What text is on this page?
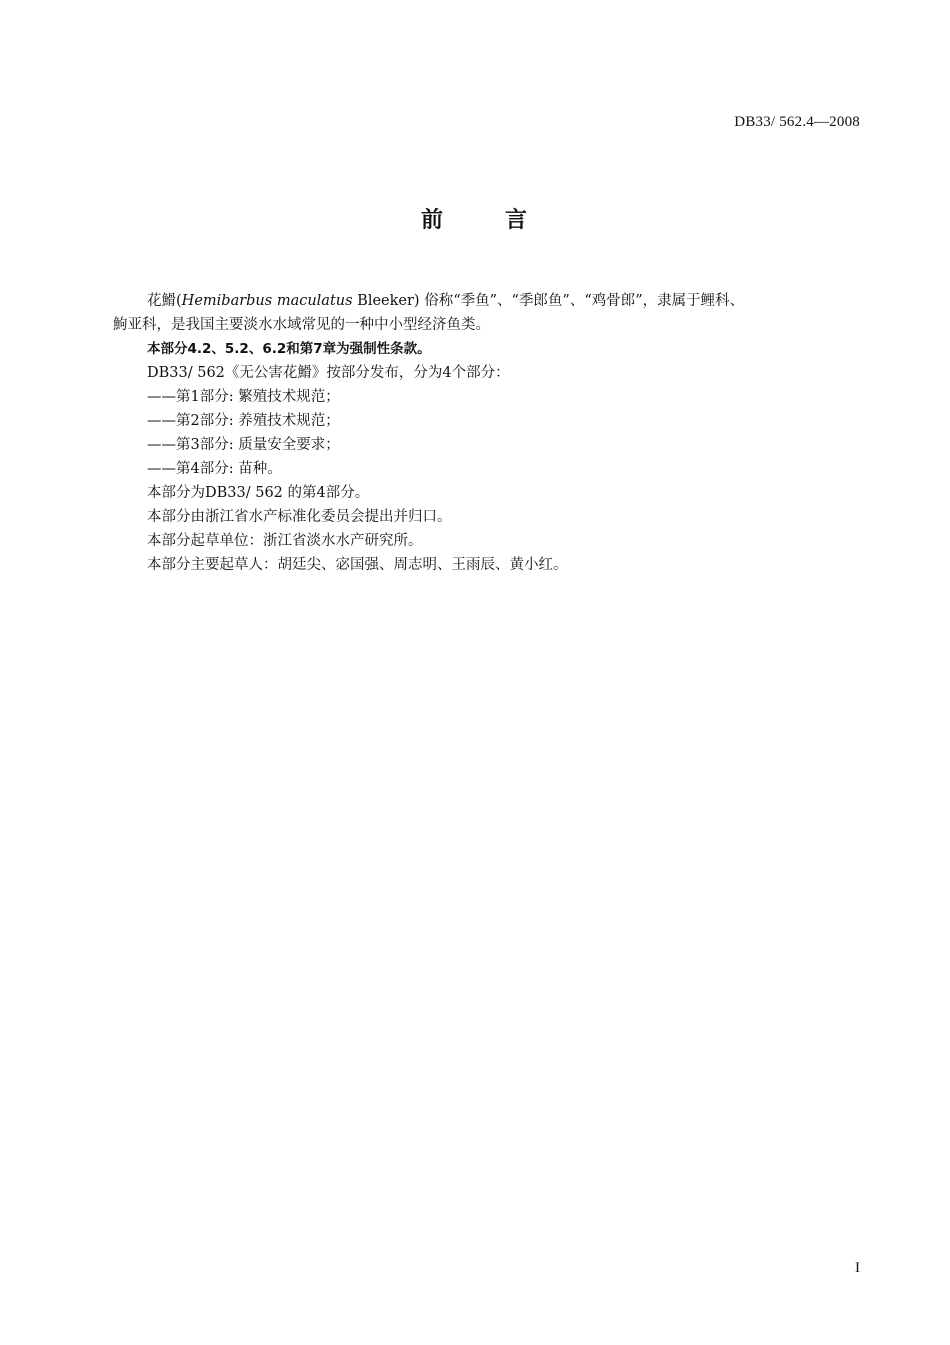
DB33/ 562.4—2008
前	言

花䱻(Hemibarbus maculatus Bleeker) 俗称“季鱼”、“季郎鱼”、“鸡骨郎”，隶属于鲤科、

鮈亚科，是我国主要淡水水域常见的一种中小型经济鱼类。

本部分4.2、5.2、6.2和第7章为强制性条款。

DB33/ 562《无公害花䱻》按部分发布，分为4个部分：

——第1部分: 繁殖技术规范；

——第2部分: 养殖技术规范；

——第3部分: 质量安全要求；

——第4部分: 苗种。

本部分为DB33/ 562 的第4部分。

本部分由浙江省水产标准化委员会提出并归口。

本部分起草单位：浙江省淡水水产研究所。

本部分主要起草人：胡廷尖、宓国强、周志明、王雨辰、黄小红。

I
